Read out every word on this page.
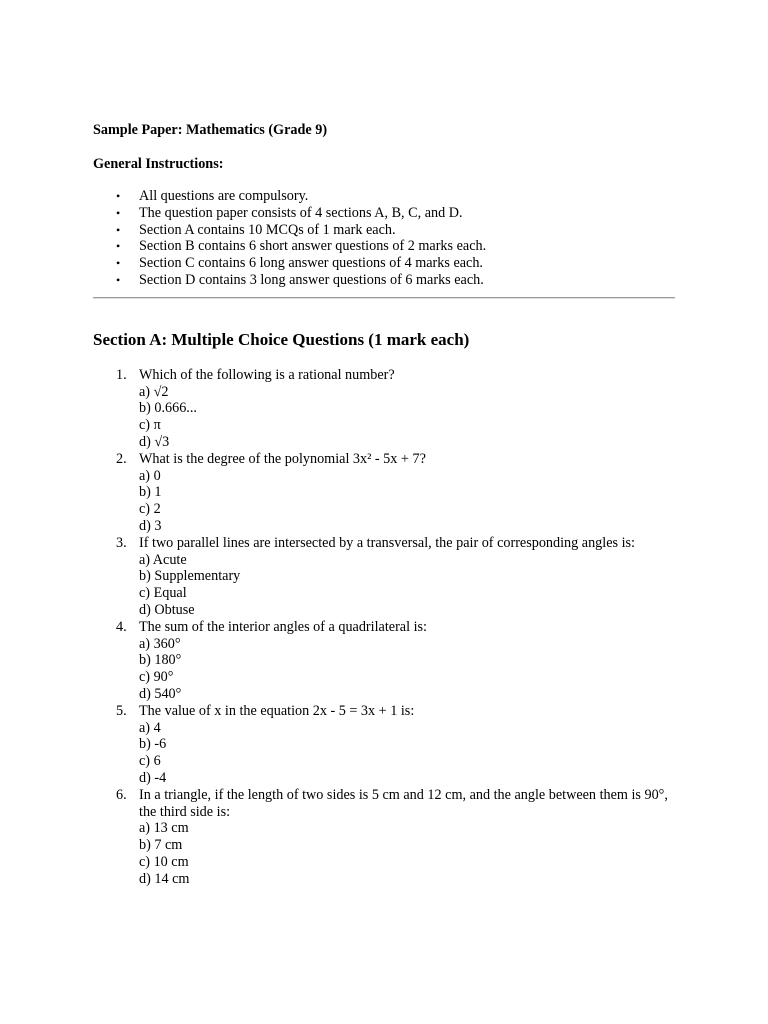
Sample Paper: Mathematics (Grade 9)

General Instructions:

• All questions are compulsory.
• The question paper consists of 4 sections A, B, C, and D.
• Section A contains 10 MCQs of 1 mark each.
• Section B contains 6 short answer questions of 2 marks each.
• Section C contains 6 long answer questions of 4 marks each.
• Section D contains 3 long answer questions of 6 marks each.
Section A: Multiple Choice Questions (1 mark each)
1. Which of the following is a rational number?
a) √2
b) 0.666...
c) π
d) √3
2. What is the degree of the polynomial 3x² - 5x + 7?
a) 0
b) 1
c) 2
d) 3
3. If two parallel lines are intersected by a transversal, the pair of corresponding angles is:
a) Acute
b) Supplementary
c) Equal
d) Obtuse
4. The sum of the interior angles of a quadrilateral is:
a) 360°
b) 180°
c) 90°
d) 540°
5. The value of x in the equation 2x - 5 = 3x + 1 is:
a) 4
b) -6
c) 6
d) -4
6. In a triangle, if the length of two sides is 5 cm and 12 cm, and the angle between them is 90°, the third side is:
a) 13 cm
b) 7 cm
c) 10 cm
d) 14 cm
